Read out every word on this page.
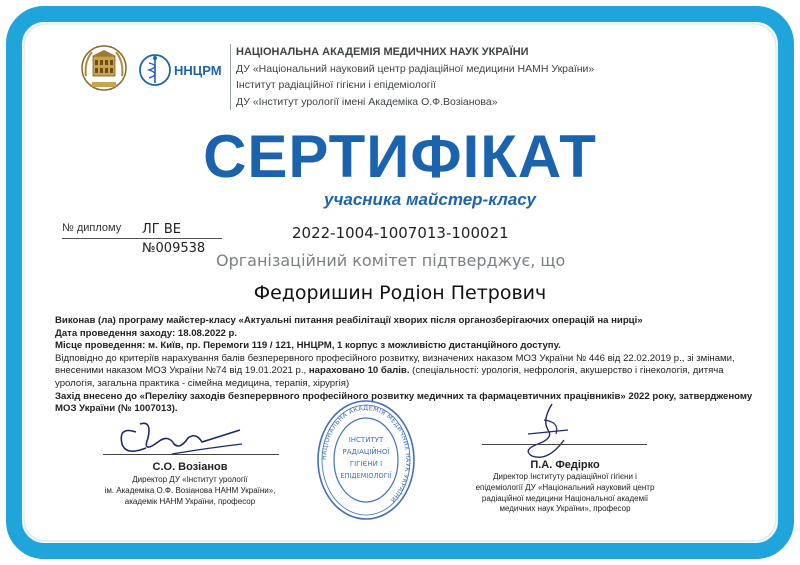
ННЦРМ
НАЦІОНАЛЬНА АКАДЕМІЯ МЕДИЧНИХ НАУК УКРАЇНИ
ДУ «Національний науковий центр радіаційної медицини НАМН України»
Інститут радіаційної гігієни і епідеміології
ДУ «Інститут урології імені Академіка О.Ф.Возіанова»
СЕРТИФІКАТ
учасника майстер-класу
№ диплому ЛГ ВЕ
№009538
2022-1004-1007013-100021
Організаційний комітет підтверджує, що
Федоришин Родіон Петрович
Виконав (ла) програму майстер-класу «Актуальні питання реабілітації хворих після органозберігаючих операцій на нирці»
Дата проведення заходу: 18.08.2022 р.
Місце проведення: м. Київ, пр. Перемоги 119 / 121, ННЦРМ, 1 корпус з можливістю дистанційного доступу.
Відповідно до критеріїв нарахування балів безперервного професійного розвитку, визначених наказом МОЗ України № 446 від 22.02.2019 р., зі змінами,
внесеними наказом МОЗ України №74 від 19.01.2021 р., нараховано 10 балів. (спеціальності: урологія, нефрологія, акушерство і гінекологія, дитяча
урологія, загальна практика - сімейна медицина, терапія, хірургія)
Захід внесено до «Переліку заходів безперервного професійного розвитку медичних та фармацевтичних працівників» 2022 року, затвердженому
МОЗ України (№ 1007013).
С.О. Возіанов
Директор ДУ «Інститут урології
ім. Академіка О.Ф. Возіанова НАНМ України»,
академік НАНМ України, професор
НАЦІОНАЛЬНА АКАДЕМІЯ МЕДИЧНИХ НАУК УКРАЇНИ
ІНСТИТУТ
РАДІАЦІЙНОЇ
ГІГІЄНИ І
ЕПІДЕМІОЛОГІЇ
П.А. Федірко
Директор Інституту радіаційної гігієни і
епідеміології ДУ «Національний науковий центр
радіаційної медицини Національної академії
медичних наук України», професор
